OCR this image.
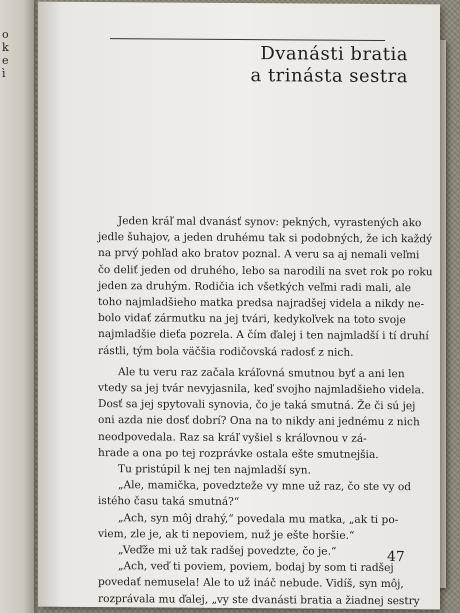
o
k
e
ì
Dvanásti bratia
a trinásta sestra
Jeden kráľ mal dvanásť synov: pekných, vyrastených ako
jedle šuhajov, a jeden druhému tak si podobných, že ich každý
na prvý pohľad ako bratov poznal. A veru sa aj nemali veľmi
čo deliť jeden od druhého, lebo sa narodili na svet rok po roku
jeden za druhým. Rodičia ich všetkých veľmi radi mali, ale
toho najmladšieho matka predsa najradšej videla a nikdy ne-
bolo vidať zármutku na jej tvári, kedykoľvek na toto svoje
najmladšie dieťa pozrela. A čím ďalej i ten najmladší i tí druhí
rástli, tým bola väčšia rodičovská radosť z nich.
Ale tu veru raz začala kráľovná smutnou byť a ani len
vtedy sa jej tvár nevyjasnila, keď svojho najmladšieho videla.
Dosť sa jej spytovali synovia, čo je taká smutná. Že či sú jej
oni azda nie dosť dobrí? Ona na to nikdy ani jednému z nich
neodpovedala. Raz sa kráľ vyšiel s kráľovnou v zá-
hrade a ona po tej rozprávke ostala ešte smutnejšia.
Tu pristúpil k nej ten najmladší syn.
„Ale, mamička, povedzteže vy mne už raz, čo ste vy od
istého času taká smutná?“
„Ach, syn môj drahý,“ povedala mu matka, „ak ti po-
viem, zle je, ak ti nepoviem, nuž je ešte horšie.“
„Veďže mi už tak radšej povedzte, čo je.“
„Ach, veď ti poviem, poviem, bodaj by som ti radšej
povedať nemusela! Ale to už ináč nebude. Vidíš, syn môj,
rozprávala mu ďalej, „vy ste dvanásti bratia a žiadnej sestry
47
